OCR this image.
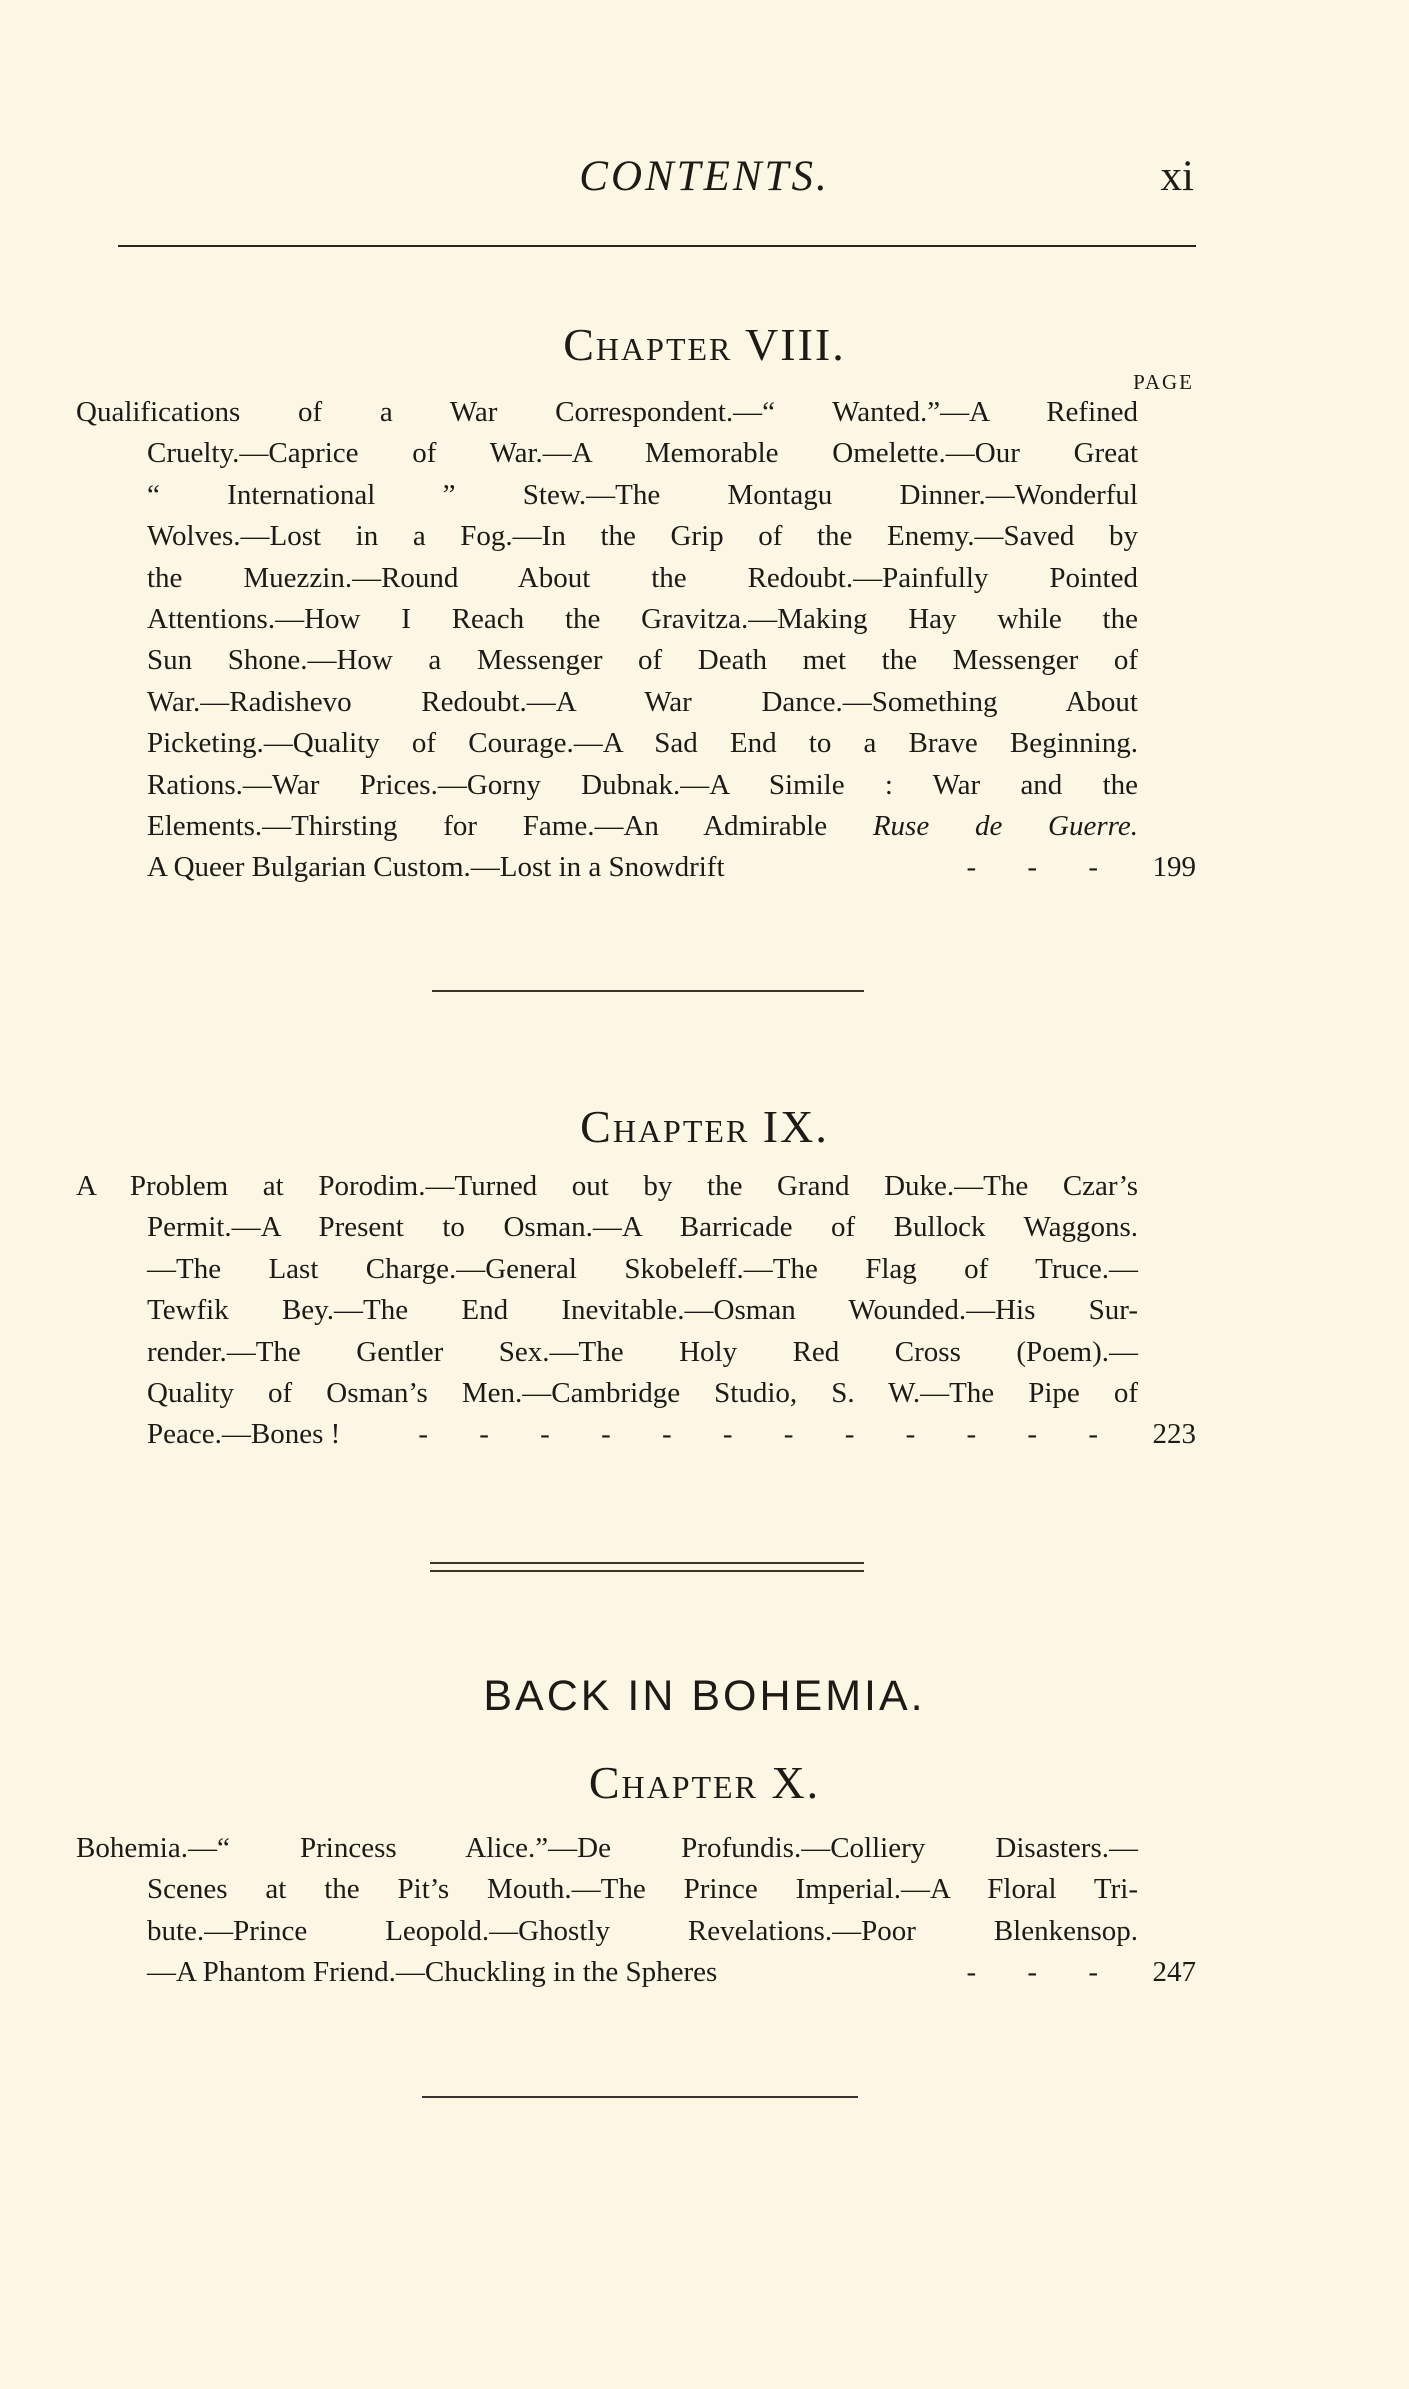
CONTENTS.	xi
Chapter VIII.
PAGE
Qualifications of a War Correspondent.—“ Wanted.”—A Refined
Cruelty.—Caprice of War.—A Memorable Omelette.—Our Great
“ International ” Stew.—The Montagu Dinner.—Wonderful
Wolves.—Lost in a Fog.—In the Grip of the Enemy.—Saved by
the Muezzin.—Round About the Redoubt.—Painfully Pointed
Attentions.—How I Reach the Gravitza.—Making Hay while the
Sun Shone.—How a Messenger of Death met the Messenger of
War.—Radishevo Redoubt.—A War Dance.—Something About
Picketing.—Quality of Courage.—A Sad End to a Brave Beginning.
Rations.—War Prices.—Gorny Dubnak.—A Simile : War and the
Elements.—Thirsting for Fame.—An Admirable Ruse de Guerre.
A Queer Bulgarian Custom.—Lost in a Snowdrift	- - -	199
Chapter IX.
A Problem at Porodim.—Turned out by the Grand Duke.—The Czar’s
Permit.—A Present to Osman.—A Barricade of Bullock Waggons.
—The Last Charge.—General Skobeleff.—The Flag of Truce.—
Tewfik Bey.—The End Inevitable.—Osman Wounded.—His Sur-
render.—The Gentler Sex.—The Holy Red Cross (Poem).—
Quality of Osman’s Men.—Cambridge Studio, S. W.—The Pipe of
Peace.—Bones !	- - - - - - - - - - - -	223
BACK IN BOHEMIA.
Chapter X.
Bohemia.—“ Princess Alice.”—De Profundis.—Colliery Disasters.—
Scenes at the Pit’s Mouth.—The Prince Imperial.—A Floral Tri-
bute.—Prince Leopold.—Ghostly Revelations.—Poor Blenkensop.
—A Phantom Friend.—Chuckling in the Spheres	- - -	247
